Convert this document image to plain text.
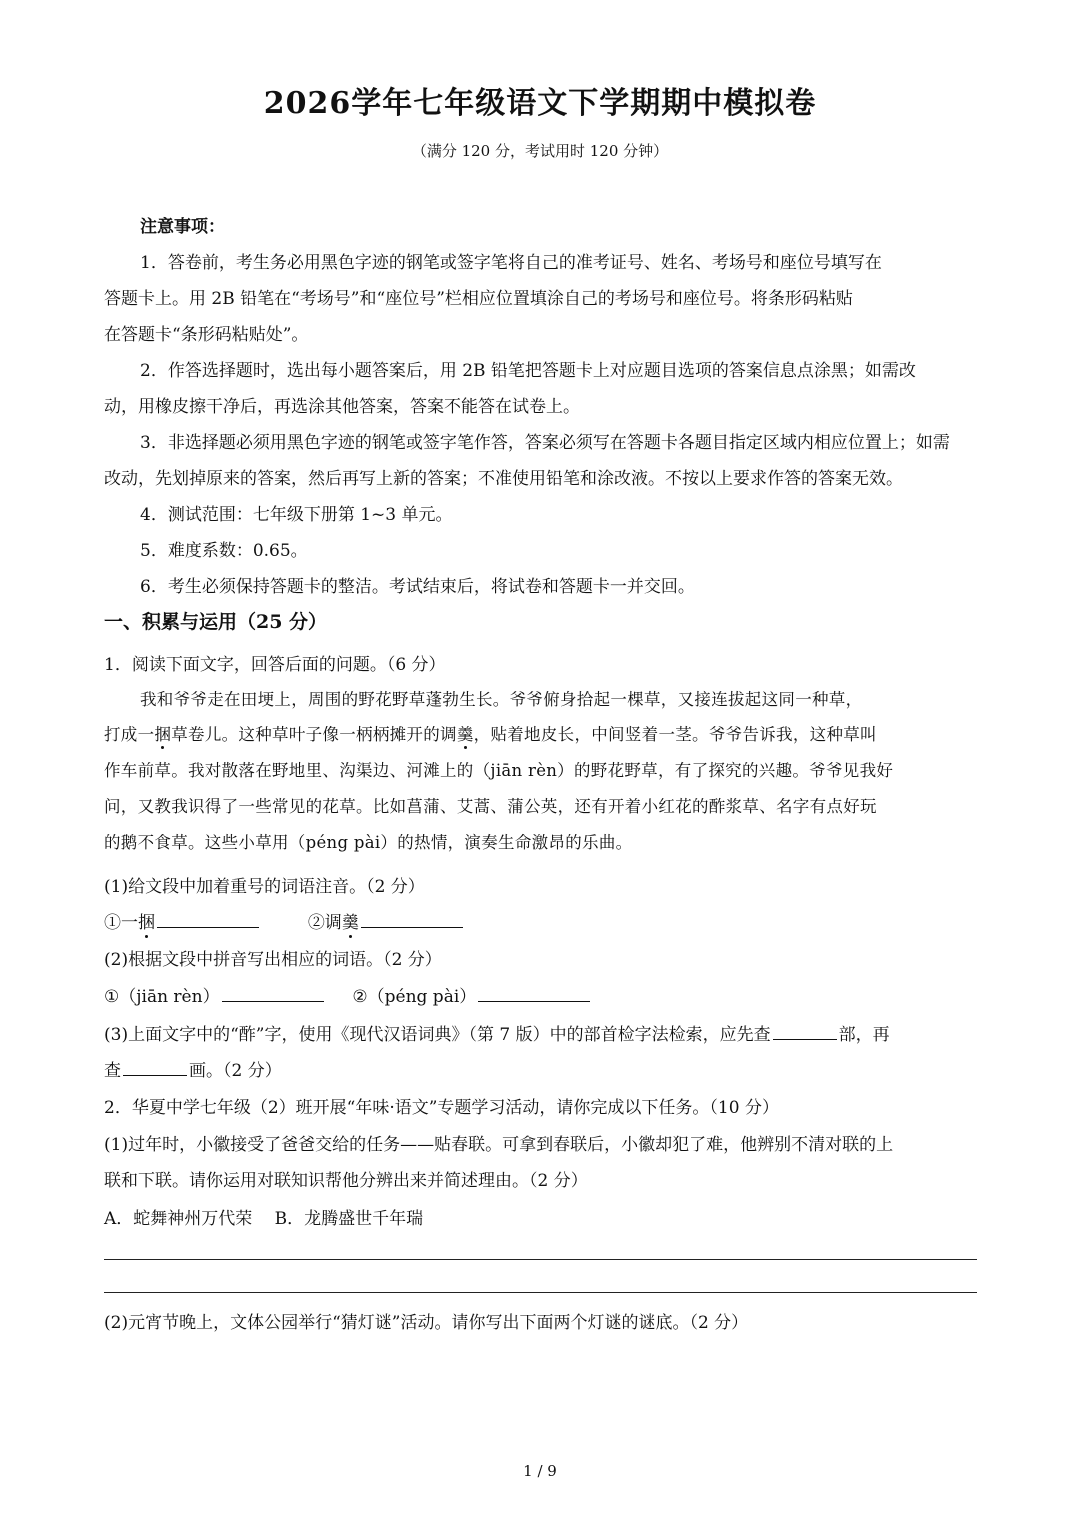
2026学年七年级语文下学期期中模拟卷
（满分 120 分，考试用时 120 分钟）
注意事项：
1．答卷前，考生务必用黑色字迹的钢笔或签字笔将自己的准考证号、姓名、考场号和座位号填写在
答题卡上。用 2B 铅笔在“考场号”和“座位号”栏相应位置填涂自己的考场号和座位号。将条形码粘贴
在答题卡“条形码粘贴处”。
2．作答选择题时，选出每小题答案后，用 2B 铅笔把答题卡上对应题目选项的答案信息点涂黑；如需改
动，用橡皮擦干净后，再选涂其他答案，答案不能答在试卷上。
3．非选择题必须用黑色字迹的钢笔或签字笔作答，答案必须写在答题卡各题目指定区域内相应位置上；如需
改动，先划掉原来的答案，然后再写上新的答案；不准使用铅笔和涂改液。不按以上要求作答的答案无效。
4．测试范围：七年级下册第 1~3 单元。
5．难度系数：0.65。
6．考生必须保持答题卡的整洁。考试结束后，将试卷和答题卡一并交回。
一、积累与运用（25 分）
1．阅读下面文字，回答后面的问题。（6 分）
我和爷爷走在田埂上，周围的野花野草蓬勃生长。爷爷俯身拾起一棵草，又接连拔起这同一种草，
打成一捆草卷儿。这种草叶子像一柄柄摊开的调羹，贴着地皮长，中间竖着一茎。爷爷告诉我，这种草叫
作车前草。我对散落在野地里、沟渠边、河滩上的（jiān rèn）的野花野草，有了探究的兴趣。爷爷见我好
问，又教我识得了一些常见的花草。比如菖蒲、艾蒿、蒲公英，还有开着小红花的酢浆草、名字有点好玩
的鹅不食草。这些小草用（péng pài）的热情，演奏生命激昂的乐曲。
(1)给文段中加着重号的词语注音。（2 分）
①一捆	②调羹
(2)根据文段中拼音写出相应的词语。（2 分）
①（jiān rèn）	②（péng pài）
(3)上面文字中的“酢”字，使用《现代汉语词典》（第 7 版）中的部首检字法检索，应先查	部，再
查	画。（2 分）
2．华夏中学七年级（2）班开展“年味·语文”专题学习活动，请你完成以下任务。（10 分）
(1)过年时，小徽接受了爸爸交给的任务——贴春联。可拿到春联后，小徽却犯了难，他辨别不清对联的上
联和下联。请你运用对联知识帮他分辨出来并简述理由。（2 分）
A．蛇舞神州万代荣　 B．龙腾盛世千年瑞
(2)元宵节晚上，文体公园举行“猜灯谜”活动。请你写出下面两个灯谜的谜底。（2 分）
1 / 9
